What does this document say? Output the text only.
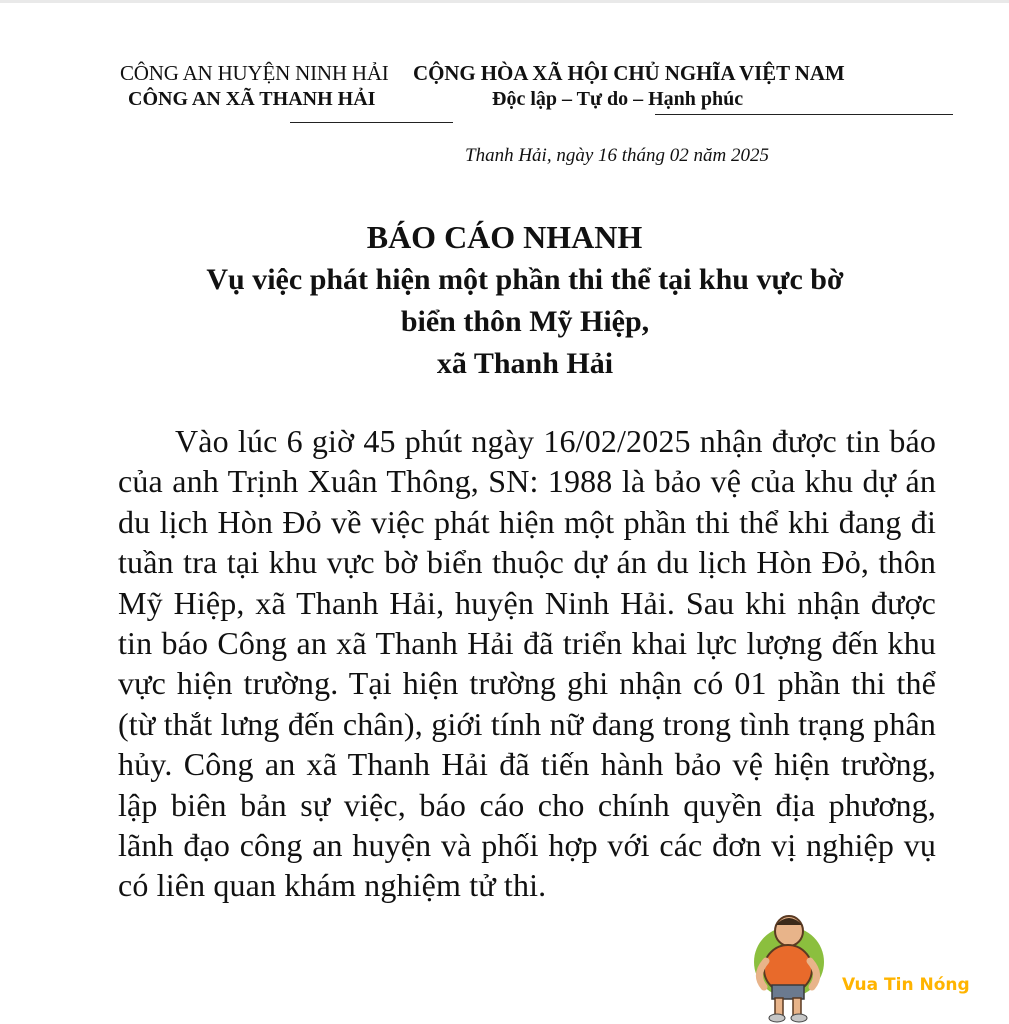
CÔNG AN HUYỆN NINH HẢI
CÔNG AN XÃ THANH HẢI
CỘNG HÒA XÃ HỘI CHỦ NGHĨA VIỆT NAM
Độc lập – Tự do – Hạnh phúc
Thanh Hải, ngày 16 tháng 02 năm 2025
BÁO CÁO NHANH
Vụ việc phát hiện một phần thi thể tại khu vực bờ
biển thôn Mỹ Hiệp,
xã Thanh Hải

Vào lúc 6 giờ 45 phút ngày 16/02/2025 nhận được tin báo của anh Trịnh Xuân Thông, SN: 1988 là bảo vệ của khu dự án du lịch Hòn Đỏ về việc phát hiện một phần thi thể khi đang đi tuần tra tại khu vực bờ biển thuộc dự án du lịch Hòn Đỏ, thôn Mỹ Hiệp, xã Thanh Hải, huyện Ninh Hải. Sau khi nhận được tin báo Công an xã Thanh Hải đã triển khai lực lượng đến khu vực hiện trường. Tại hiện trường ghi nhận có 01 phần thi thể (từ thắt lưng đến chân), giới tính nữ đang trong tình trạng phân hủy. Công an xã Thanh Hải đã tiến hành bảo vệ hiện trường, lập biên bản sự việc, báo cáo cho chính quyền địa phương, lãnh đạo công an huyện và phối hợp với các đơn vị nghiệp vụ có liên quan khám nghiệm tử thi.

Vua Tin Nóng
